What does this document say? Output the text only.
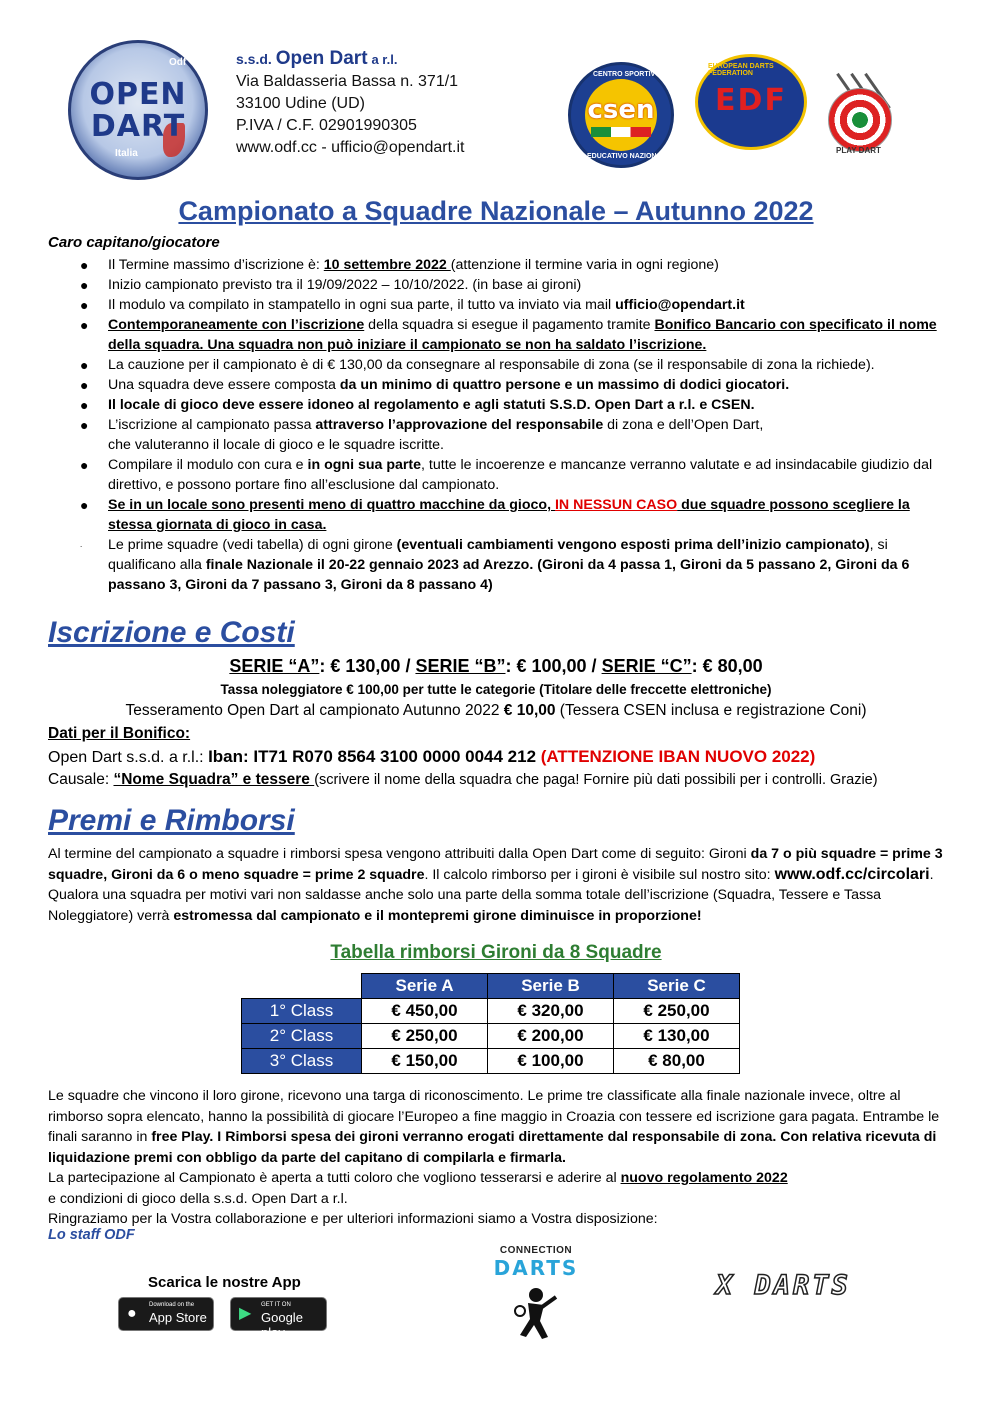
Odf
OPEN
DART
Italia
s.s.d. Open Dart a r.l.
Via Baldasseria Bassa n. 371/1
33100 Udine (UD)
P.IVA / C.F. 02901990305
www.odf.cc - ufficio@opendart.it
CENTRO SPORTIVO
csen
EDUCATIVO NAZIONALE
EUROPEAN DARTS FEDERATION
EDF
PLAY DART
Campionato a Squadre Nazionale – Autunno 2022
Caro capitano/giocatore
● Il Termine massimo d’iscrizione è: 10 settembre 2022 (attenzione il termine varia in ogni regione)
● Inizio campionato previsto tra il 19/09/2022 – 10/10/2022. (in base ai gironi)
● Il modulo va compilato in stampatello in ogni sua parte, il tutto va inviato via mail ufficio@opendart.it
● Contemporaneamente con l’iscrizione della squadra si esegue il pagamento tramite Bonifico Bancario con specificato il nome della squadra. Una squadra non può iniziare il campionato se non ha saldato l’iscrizione.
● La cauzione per il campionato è di € 130,00 da consegnare al responsabile di zona (se il responsabile di zona la richiede).
● Una squadra deve essere composta da un minimo di quattro persone e un massimo di dodici giocatori.
● Il locale di gioco deve essere idoneo al regolamento e agli statuti S.S.D. Open Dart a r.l. e CSEN.
● L’iscrizione al campionato passa attraverso l’approvazione del responsabile di zona e dell’Open Dart,
che valuteranno il locale di gioco e le squadre iscritte.
● Compilare il modulo con cura e in ogni sua parte, tutte le incoerenze e mancanze verranno valutate e ad insindacabile giudizio dal direttivo, e possono portare fino all’esclusione dal campionato.
● Se in un locale sono presenti meno di quattro macchine da gioco, IN NESSUN CASO due squadre possono scegliere la stessa giornata di gioco in casa.
. Le prime squadre (vedi tabella) di ogni girone (eventuali cambiamenti vengono esposti prima dell’inizio campionato), si qualificano alla finale Nazionale il 20-22 gennaio 2023 ad Arezzo. (Gironi da 4 passa 1, Gironi da 5 passano 2, Gironi da 6 passano 3, Gironi da 7 passano 3, Gironi da 8 passano 4)
Iscrizione e Costi
SERIE “A”: € 130,00 / SERIE “B”: € 100,00 / SERIE “C”: € 80,00
Tassa noleggiatore € 100,00 per tutte le categorie (Titolare delle freccette elettroniche)
Tesseramento Open Dart al campionato Autunno 2022 € 10,00 (Tessera CSEN inclusa e registrazione Coni)
Dati per il Bonifico:
Open Dart s.s.d. a r.l.: Iban: IT71 R070 8564 3100 0000 0044 212 (ATTENZIONE IBAN NUOVO 2022)
Causale: “Nome Squadra” e tessere (scrivere il nome della squadra che paga! Fornire più dati possibili per i controlli. Grazie)
Premi e Rimborsi
Al termine del campionato a squadre i rimborsi spesa vengono attribuiti dalla Open Dart come di seguito: Gironi da 7 o più squadre = prime 3 squadre, Gironi da 6 o meno squadre = prime 2 squadre. Il calcolo rimborso per i gironi è visibile sul nostro sito: www.odf.cc/circolari. Qualora una squadra per motivi vari non saldasse anche solo una parte della somma totale dell’iscrizione (Squadra, Tessere e Tassa Noleggiatore) verrà estromessa dal campionato e il montepremi girone diminuisce in proporzione!
Tabella rimborsi Gironi da 8 Squadre
	Serie A	Serie B	Serie C
1° Class	€ 450,00	€ 320,00	€ 250,00
2° Class	€ 250,00	€ 200,00	€ 130,00
3° Class	€ 150,00	€ 100,00	€ 80,00
Le squadre che vincono il loro girone, ricevono una targa di riconoscimento. Le prime tre classificate alla finale nazionale invece, oltre al rimborso sopra elencato, hanno la possibilità di giocare l’Europeo a fine maggio in Croazia con tessere ed iscrizione gara pagata. Entrambe le finali saranno in free Play. I Rimborsi spesa dei gironi verranno erogati direttamente dal responsabile di zona. Con relativa ricevuta di liquidazione premi con obbligo da parte del capitano di compilarla e firmarla.
La partecipazione al Campionato è aperta a tutti coloro che vogliono tesserarsi e aderire al nuovo regolamento 2022
e condizioni di gioco della s.s.d. Open Dart a r.l.
Ringraziamo per la Vostra collaborazione e per ulteriori informazioni siamo a Vostra disposizione:
Lo staff ODF
Scarica le nostre App
● Download on the
App Store ▶ GET IT ON
Google play
CONNECTION
DARTS
X DARTS
